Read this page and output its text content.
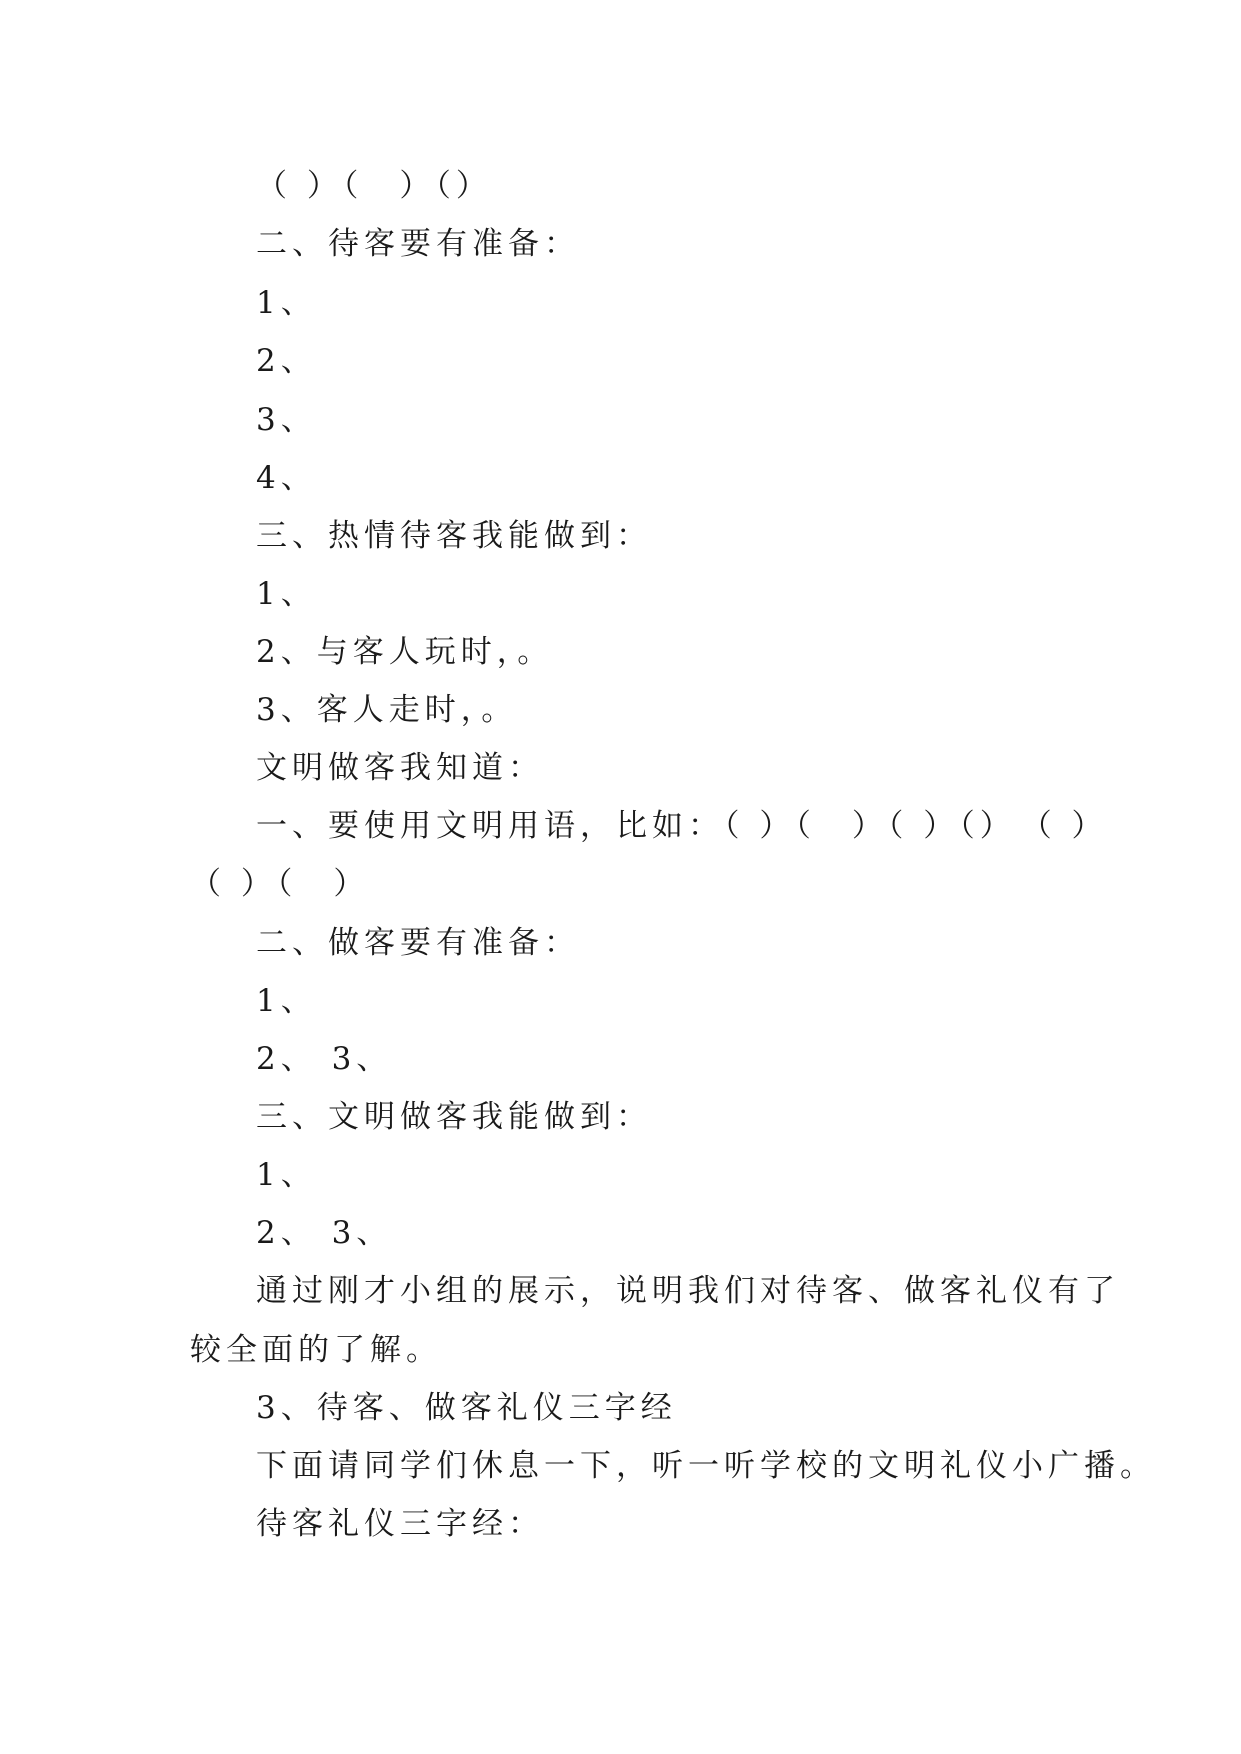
（ ）（　）（）

二、待客要有准备：

1、

2、

3、

4、

三、热情待客我能做到：

1、

2、与客人玩时，。

3、客人走时，。

文明做客我知道：

一、要使用文明用语，比如：（ ）（　）（ ）（）　（ ）

（ ）（　）

二、做客要有准备：

1、

2、 3、

三、文明做客我能做到：

1、

2、 3、

通过刚才小组的展示，说明我们对待客、做客礼仪有了

较全面的了解。

3、待客、做客礼仪三字经

下面请同学们休息一下，听一听学校的文明礼仪小广播。

待客礼仪三字经：
